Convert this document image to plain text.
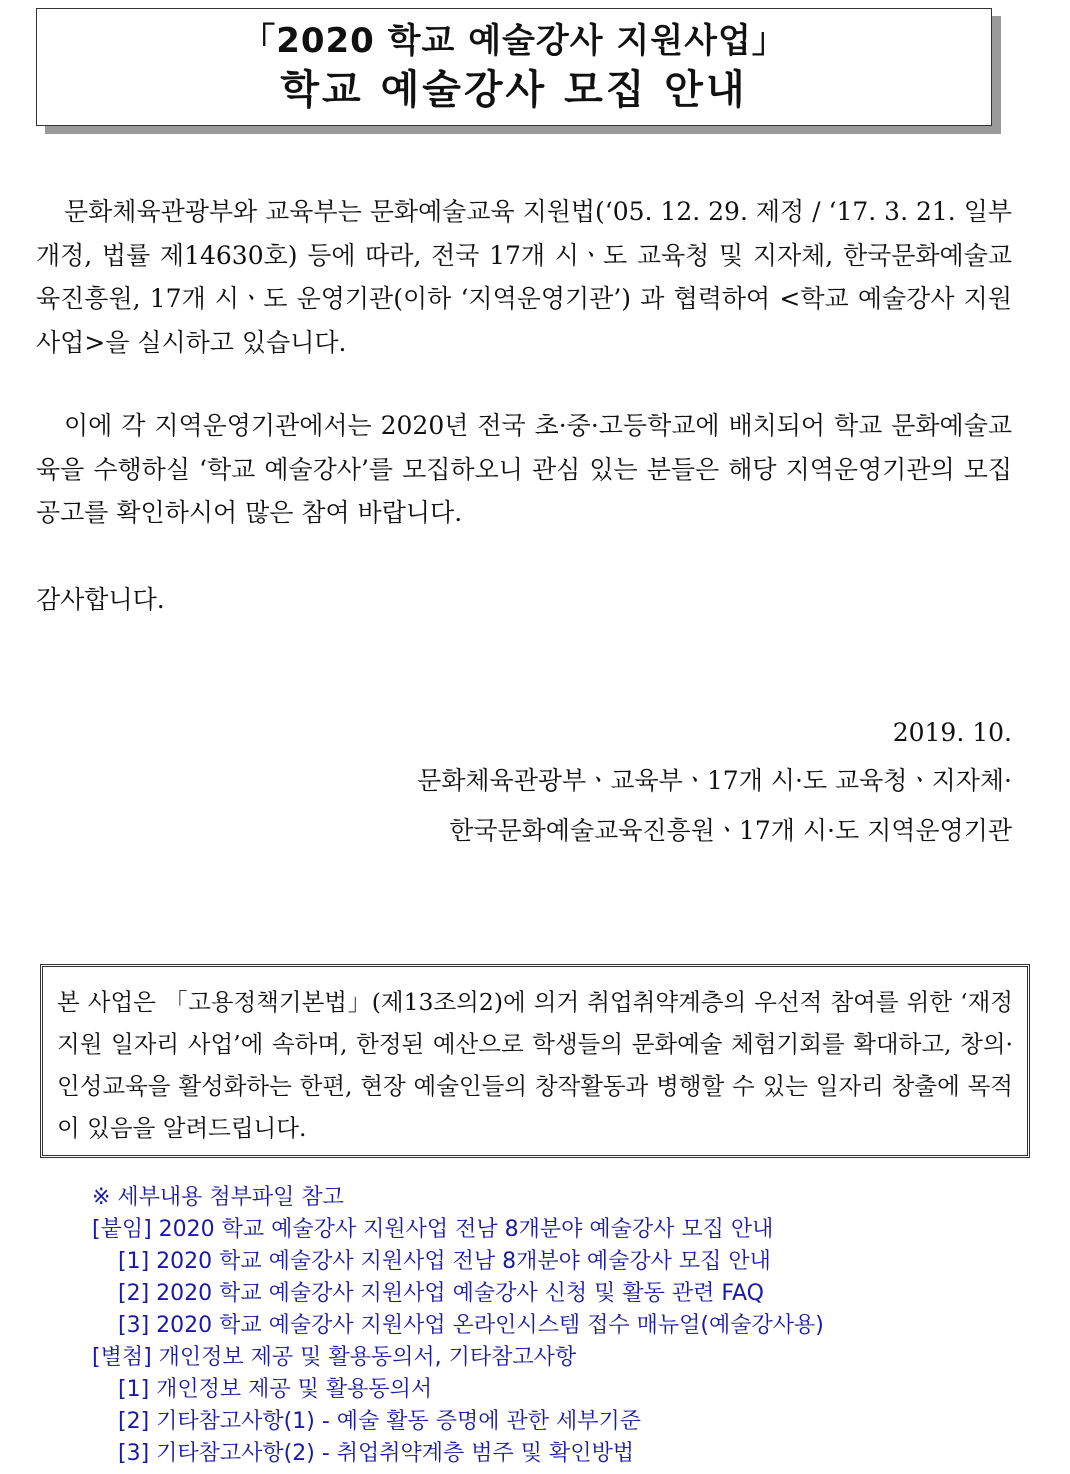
「2020 학교 예술강사 지원사업」
학교 예술강사 모집 안내

문화체육관광부와 교육부는 문화예술교육 지원법(‘05. 12. 29. 제정 / ‘17. 3. 21. 일부개정, 법률 제14630호) 등에 따라, 전국 17개 시ㆍ도 교육청 및 지자체, 한국문화예술교육진흥원, 17개 시ㆍ도 운영기관(이하 ‘지역운영기관’) 과 협력하여 <학교 예술강사 지원사업>을 실시하고 있습니다.

이에 각 지역운영기관에서는 2020년 전국 초·중·고등학교에 배치되어 학교 문화예술교육을 수행하실 ‘학교 예술강사’를 모집하오니 관심 있는 분들은 해당 지역운영기관의 모집공고를 확인하시어 많은 참여 바랍니다.

감사합니다.

2019. 10.
문화체육관광부ㆍ교육부ㆍ17개 시·도 교육청ㆍ지자체·
한국문화예술교육진흥원ㆍ17개 시·도 지역운영기관

본 사업은 「고용정책기본법」(제13조의2)에 의거 취업취약계층의 우선적 참여를 위한 ‘재정지원 일자리 사업’에 속하며, 한정된 예산으로 학생들의 문화예술 체험기회를 확대하고, 창의·인성교육을 활성화하는 한편, 현장 예술인들의 창작활동과 병행할 수 있는 일자리 창출에 목적이 있음을 알려드립니다.

※ 세부내용 첨부파일 참고
[붙임] 2020 학교 예술강사 지원사업 전남 8개분야 예술강사 모집 안내
[1] 2020 학교 예술강사 지원사업 전남 8개분야 예술강사 모집 안내
[2] 2020 학교 예술강사 지원사업 예술강사 신청 및 활동 관련 FAQ
[3] 2020 학교 예술강사 지원사업 온라인시스템 접수 매뉴얼(예술강사용)
[별첨] 개인정보 제공 및 활용동의서, 기타참고사항
[1] 개인정보 제공 및 활용동의서
[2] 기타참고사항(1) - 예술 활동 증명에 관한 세부기준
[3] 기타참고사항(2) - 취업취약계층 범주 및 확인방법
